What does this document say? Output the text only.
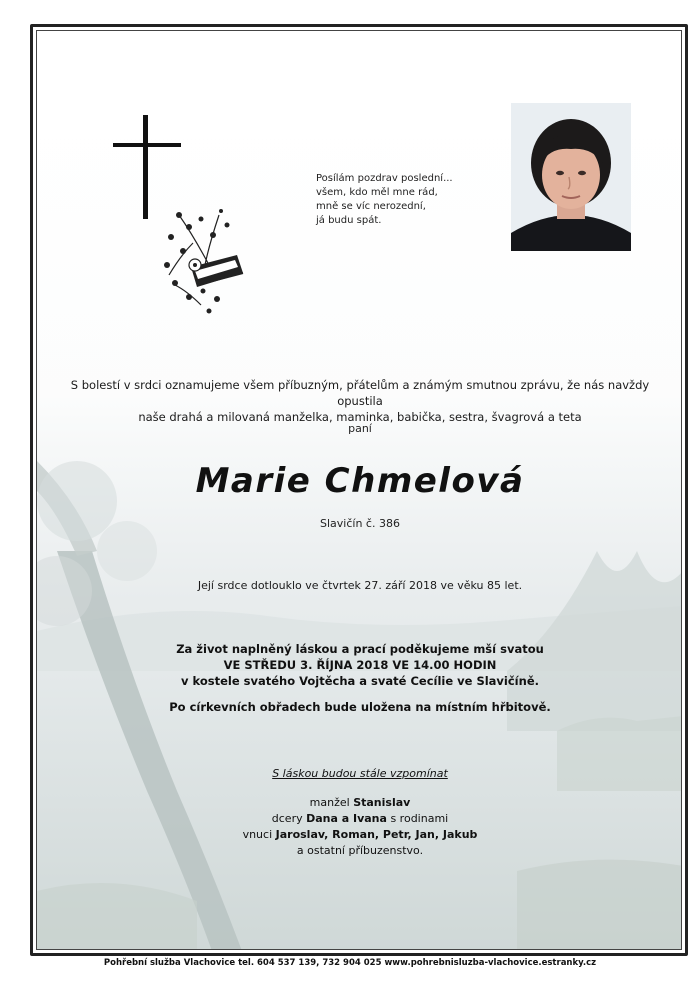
Posílám pozdrav poslední...
všem, kdo měl mne rád,
mně se víc nerozední,
já budu spát.
S bolestí v srdci oznamujeme všem příbuzným, přátelům a známým smutnou zprávu, že nás navždy opustila
naše drahá a milovaná manželka, maminka, babička, sestra, švagrová a teta
paní
Marie Chmelová
Slavičín č. 386
Její srdce dotlouklo ve čtvrtek 27. září 2018 ve věku 85 let.
Za život naplněný láskou a prací poděkujeme mší svatou
VE STŘEDU 3. ŘÍJNA 2018 VE 14.00 HODIN
v kostele svatého Vojtěcha a svaté Cecílie ve Slavičíně.
Po církevních obřadech bude uložena na místním hřbitově.
S láskou budou stále vzpomínat
manžel Stanislav
dcery Dana a Ivana s rodinami
vnuci Jaroslav, Roman, Petr, Jan, Jakub
a ostatní příbuzenstvo.
Pohřební služba Vlachovice tel. 604 537 139, 732 904 025 www.pohrebnisluzba-vlachovice.estranky.cz
